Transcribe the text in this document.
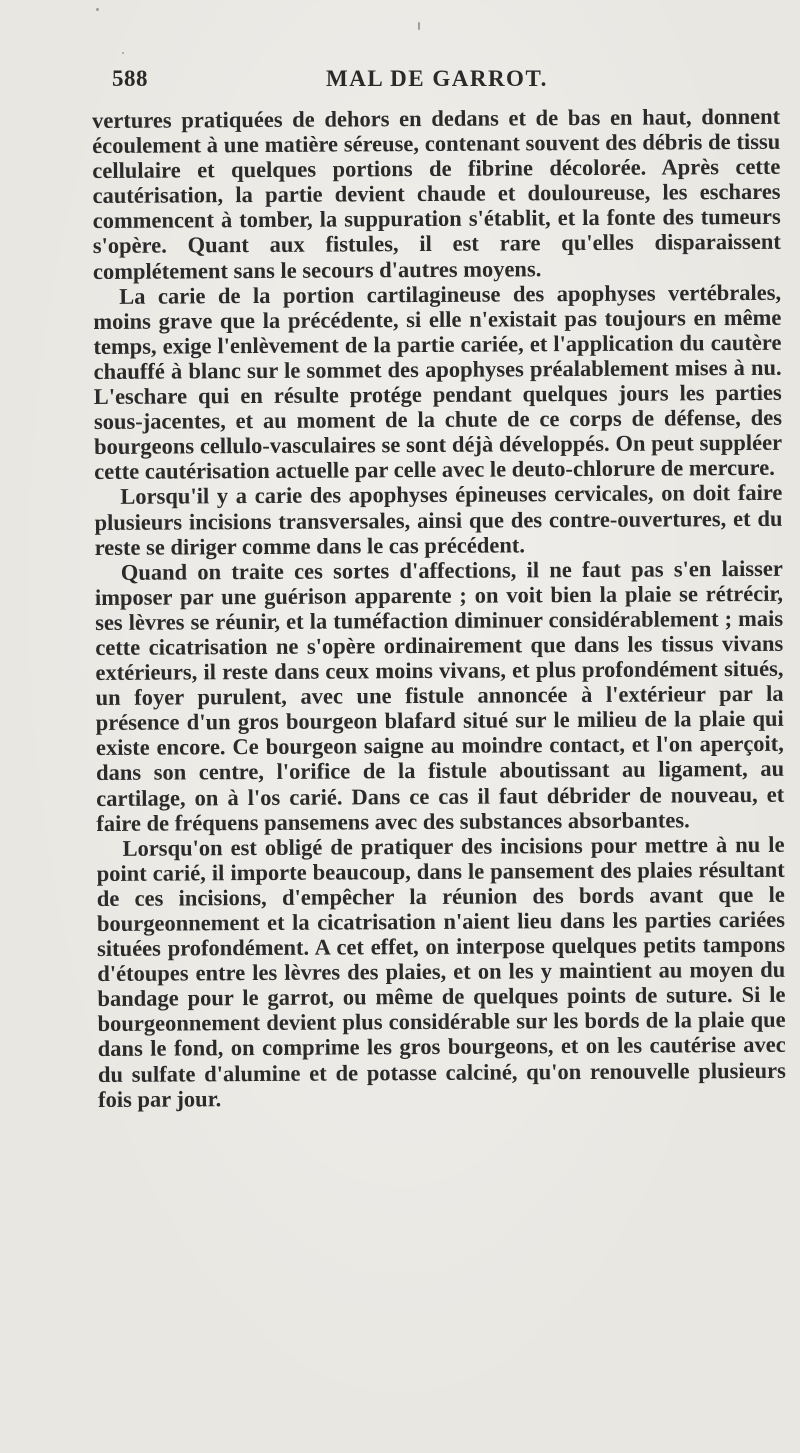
588	MAL DE GARROT.

vertures pratiquées de dehors en dedans et de bas en haut, donnent écoulement à une matière séreuse, contenant souvent des débris de tissu cellulaire et quelques portions de fibrine décolorée. Après cette cautérisation, la partie devient chaude et douloureuse, les eschares commencent à tomber, la suppuration s'établit, et la fonte des tumeurs s'opère. Quant aux fistules, il est rare qu'elles disparaissent complétement sans le secours d'autres moyens.

La carie de la portion cartilagineuse des apophyses vertébrales, moins grave que la précédente, si elle n'existait pas toujours en même temps, exige l'enlèvement de la partie cariée, et l'application du cautère chauffé à blanc sur le sommet des apophyses préalablement mises à nu. L'eschare qui en résulte protége pendant quelques jours les parties sous-jacentes, et au moment de la chute de ce corps de défense, des bourgeons cellulo-vasculaires se sont déjà développés. On peut suppléer cette cautérisation actuelle par celle avec le deuto-chlorure de mercure.

Lorsqu'il y a carie des apophyses épineuses cervicales, on doit faire plusieurs incisions transversales, ainsi que des contre-ouvertures, et du reste se diriger comme dans le cas précédent.

Quand on traite ces sortes d'affections, il ne faut pas s'en laisser imposer par une guérison apparente ; on voit bien la plaie se rétrécir, ses lèvres se réunir, et la tuméfaction diminuer considérablement ; mais cette cicatrisation ne s'opère ordinairement que dans les tissus vivans extérieurs, il reste dans ceux moins vivans, et plus profondément situés, un foyer purulent, avec une fistule annoncée à l'extérieur par la présence d'un gros bourgeon blafard situé sur le milieu de la plaie qui existe encore. Ce bourgeon saigne au moindre contact, et l'on aperçoit, dans son centre, l'orifice de la fistule aboutissant au ligament, au cartilage, on à l'os carié. Dans ce cas il faut débrider de nouveau, et faire de fréquens pansemens avec des substances absorbantes.

Lorsqu'on est obligé de pratiquer des incisions pour mettre à nu le point carié, il importe beaucoup, dans le pansement des plaies résultant de ces incisions, d'empêcher la réunion des bords avant que le bourgeonnement et la cicatrisation n'aient lieu dans les parties cariées situées profondément. A cet effet, on interpose quelques petits tampons d'étoupes entre les lèvres des plaies, et on les y maintient au moyen du bandage pour le garrot, ou même de quelques points de suture. Si le bourgeonnement devient plus considérable sur les bords de la plaie que dans le fond, on comprime les gros bourgeons, et on les cautérise avec du sulfate d'alumine et de potasse calciné, qu'on renouvelle plusieurs fois par jour.
